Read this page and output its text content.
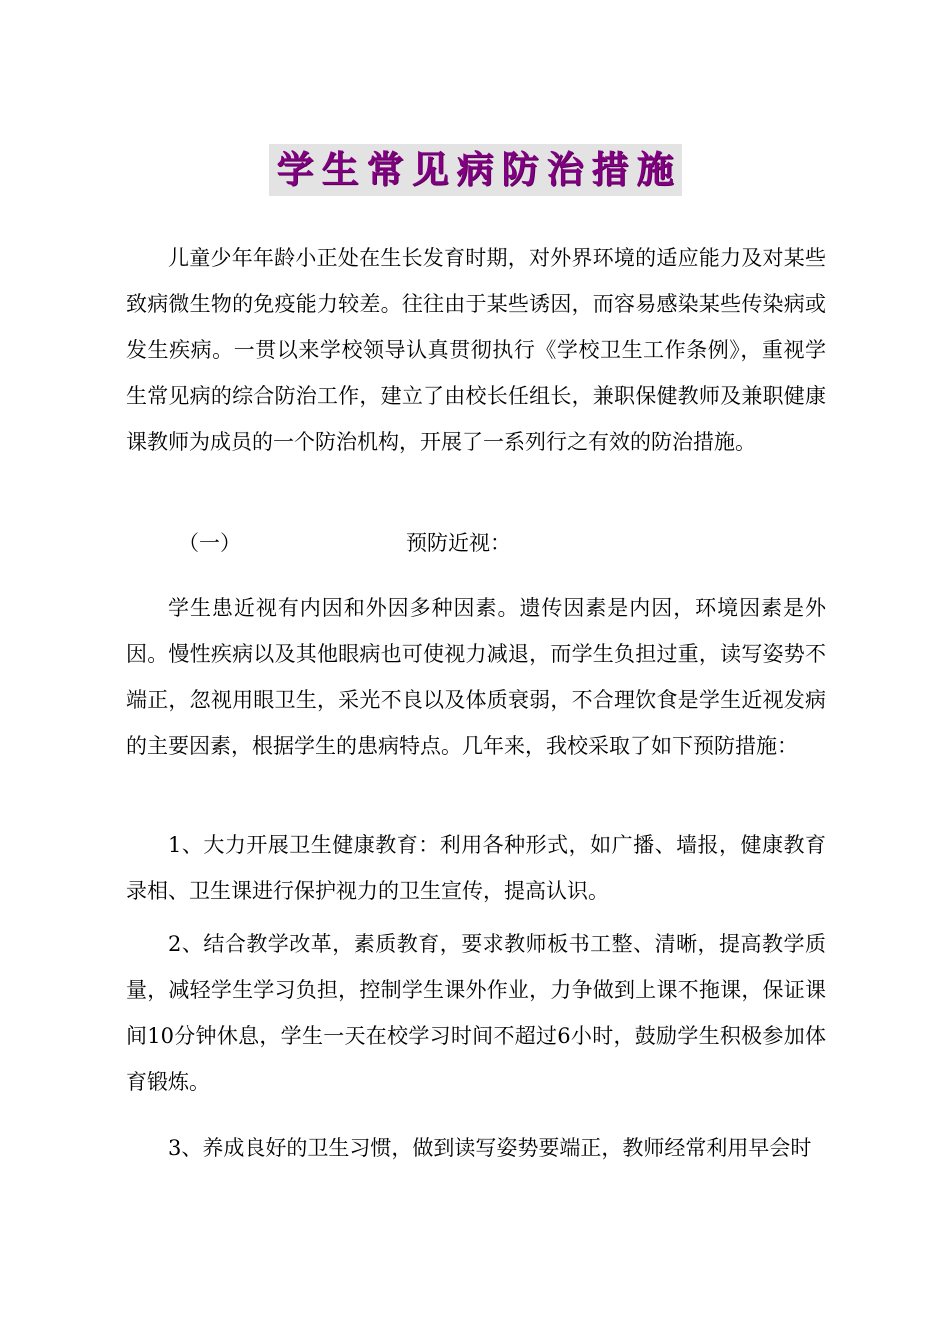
学生常见病防治措施

儿童少年年龄小正处在生长发育时期，对外界环境的适应能力及对某些致病微生物的免疫能力较差。往往由于某些诱因，而容易感染某些传染病或发生疾病。一贯以来学校领导认真贯彻执行《学校卫生工作条例》，重视学生常见病的综合防治工作，建立了由校长任组长，兼职保健教师及兼职健康课教师为成员的一个防治机构，开展了一系列行之有效的防治措施。

（一）	预防近视：

学生患近视有内因和外因多种因素。遗传因素是内因，环境因素是外因。慢性疾病以及其他眼病也可使视力减退，而学生负担过重，读写姿势不端正，忽视用眼卫生，采光不良以及体质衰弱，不合理饮食是学生近视发病的主要因素，根据学生的患病特点。几年来，我校采取了如下预防措施：

1、大力开展卫生健康教育：利用各种形式，如广播、墙报，健康教育录相、卫生课进行保护视力的卫生宣传，提高认识。

2、结合教学改革，素质教育，要求教师板书工整、清晰，提高教学质量，减轻学生学习负担，控制学生课外作业，力争做到上课不拖课，保证课间10分钟休息，学生一天在校学习时间不超过6小时，鼓励学生积极参加体育锻炼。

3、养成良好的卫生习惯，做到读写姿势要端正，教师经常利用早会时
